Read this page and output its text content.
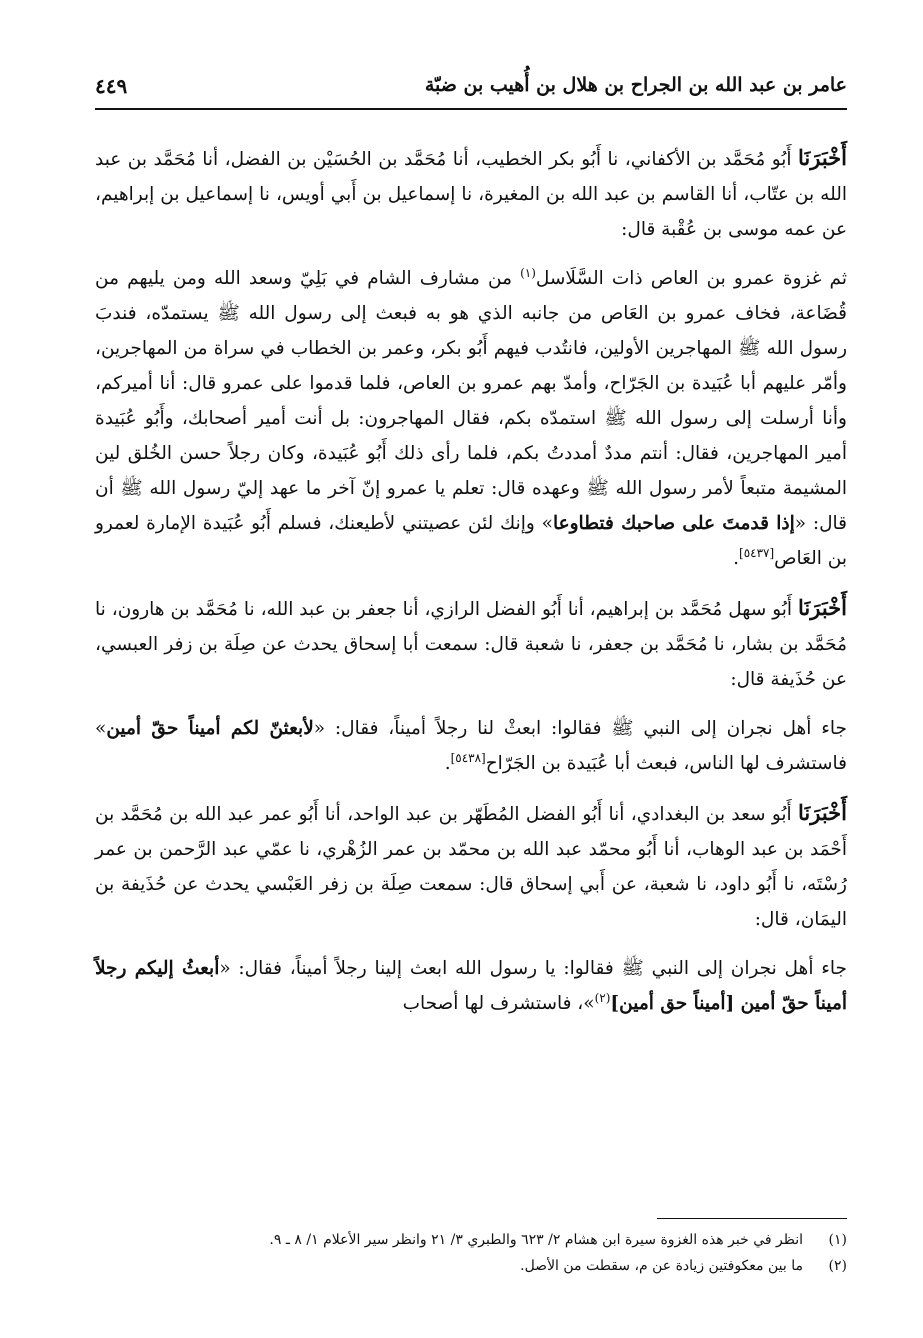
عامر بن عبد الله بن الجراح بن هلال بن أُهيب بن ضبّة
٤٤٩

أَخْبَرَنَا أَبُو مُحَمَّد بن الأكفاني، نا أَبُو بكر الخطيب، أنا مُحَمَّد بن الحُسَيْن بن الفضل، أنا مُحَمَّد بن عبد الله بن عتّاب، أنا القاسم بن عبد الله بن المغيرة، نا إسماعيل بن أَبي أويس، نا إسماعيل بن إبراهيم، عن عمه موسى بن عُقْبة قال:

ثم غزوة عمرو بن العاص ذات السَّلَاسل$^{(١)}$ من مشارف الشام في بَلِيّ وسعد الله ومن يليهم من قُضَاعة، فخاف عمرو بن العَاص من جانبه الذي هو به فبعث إلى رسول الله ﷺ يستمدّه، فندبَ رسول الله ﷺ المهاجرين الأولين، فانتُدب فيهم أَبُو بكر، وعمر بن الخطاب في سراة من المهاجرين، وأمّر عليهم أبا عُبَيدة بن الجَرّاح، وأمدّ بهم عمرو بن العاص، فلما قدموا على عمرو قال: أنا أميركم، وأنا أرسلت إلى رسول الله ﷺ استمدّه بكم، فقال المهاجرون: بل أنت أمير أصحابك، وأَبُو عُبَيدة أمير المهاجرين، فقال: أنتم مددٌ أمددتُ بكم، فلما رأى ذلك أَبُو عُبَيدة، وكان رجلاً حسن الخُلق لين المشيمة متبعاً لأمر رسول الله ﷺ وعهده قال: تعلم يا عمرو إنّ آخر ما عهد إليّ رسول الله ﷺ أن قال: «إذا قدمتَ على صاحبك فتطاوعا» وإنك لئن عصيتني لأطيعنك، فسلم أَبُو عُبَيدة الإمارة لعمرو بن العَاص[٥٤٣٧].

أَخْبَرَنَا أَبُو سهل مُحَمَّد بن إبراهيم، أنا أَبُو الفضل الرازي، أنا جعفر بن عبد الله، نا مُحَمَّد بن هارون، نا مُحَمَّد بن بشار، نا مُحَمَّد بن جعفر، نا شعبة قال: سمعت أبا إسحاق يحدث عن صِلَة بن زفر العبسي، عن حُذَيفة قال:

جاء أهل نجران إلى النبي ﷺ فقالوا: ابعثْ لنا رجلاً أميناً، فقال: «لأبعثنّ لكم أميناً حقّ أمين» فاستشرف لها الناس، فبعث أبا عُبَيدة بن الجَرّاح[٥٤٣٨].

أَخْبَرَنَا أَبُو سعد بن البغدادي، أنا أَبُو الفضل المُطَهّر بن عبد الواحد، أنا أَبُو عمر عبد الله بن مُحَمَّد بن أَحْمَد بن عبد الوهاب، أنا أَبُو محمّد عبد الله بن محمّد بن عمر الزُهْري، نا عمّي عبد الرَّحمن بن عمر رُسْتَه، نا أَبُو داود، نا شعبة، عن أَبي إسحاق قال: سمعت صِلَة بن زفر العَبْسي يحدث عن حُذَيفة بن اليمَان، قال:

جاء أهل نجران إلى النبي ﷺ فقالوا: يا رسول الله ابعث إلينا رجلاً أميناً، فقال: «أبعثُ إليكم رجلاً أميناً حقّ أمين [أميناً حق أمين]$^{(٢)}$»، فاستشرف لها أصحاب

(١)
انظر في خبر هذه الغزوة سيرة ابن هشام ٢/ ٦٢٣ والطبري ٣/ ٢١ وانظر سير الأعلام ١/ ٨ ـ ٩.
(٢)
ما بين معكوفتين زيادة عن م، سقطت من الأصل.
